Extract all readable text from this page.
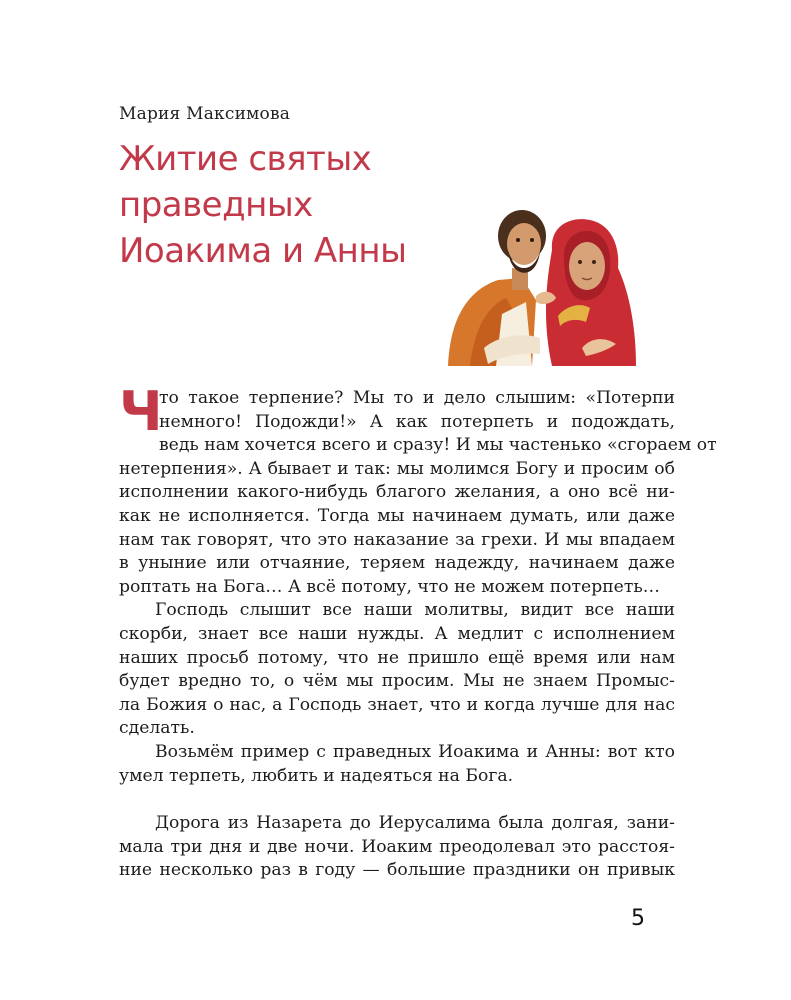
Мария Максимова
Житие святых
праведных
Иоакима и Анны
Ч
то такое терпение? Мы то и дело слышим: «Потерпи
немного! Подожди!» А как потерпеть и подождать,
ведь нам хочется всего и сразу! И мы частенько «сгораем от
нетерпения». А бывает и так: мы молимся Богу и просим об
исполнении какого-нибудь благого желания, а оно всё ни-
как не исполняется. Тогда мы начинаем думать, или даже
нам так говорят, что это наказание за грехи. И мы впадаем
в уныние или отчаяние, теряем надежду, начинаем даже
роптать на Бога… А всё потому, что не можем потерпеть…
Господь слышит все наши молитвы, видит все наши
скорби, знает все наши нужды. А медлит с исполнением
наших просьб потому, что не пришло ещё время или нам
будет вредно то, о чём мы просим. Мы не знаем Промыс-
ла Божия о нас, а Господь знает, что и когда лучше для нас
сделать.
Возьмём пример с праведных Иоакима и Анны: вот кто
умел терпеть, любить и надеяться на Бога.
Дорога из Назарета до Иерусалима была долгая, зани-
мала три дня и две ночи. Иоаким преодолевал это расстоя-
ние несколько раз в году — большие праздники он привык
5
